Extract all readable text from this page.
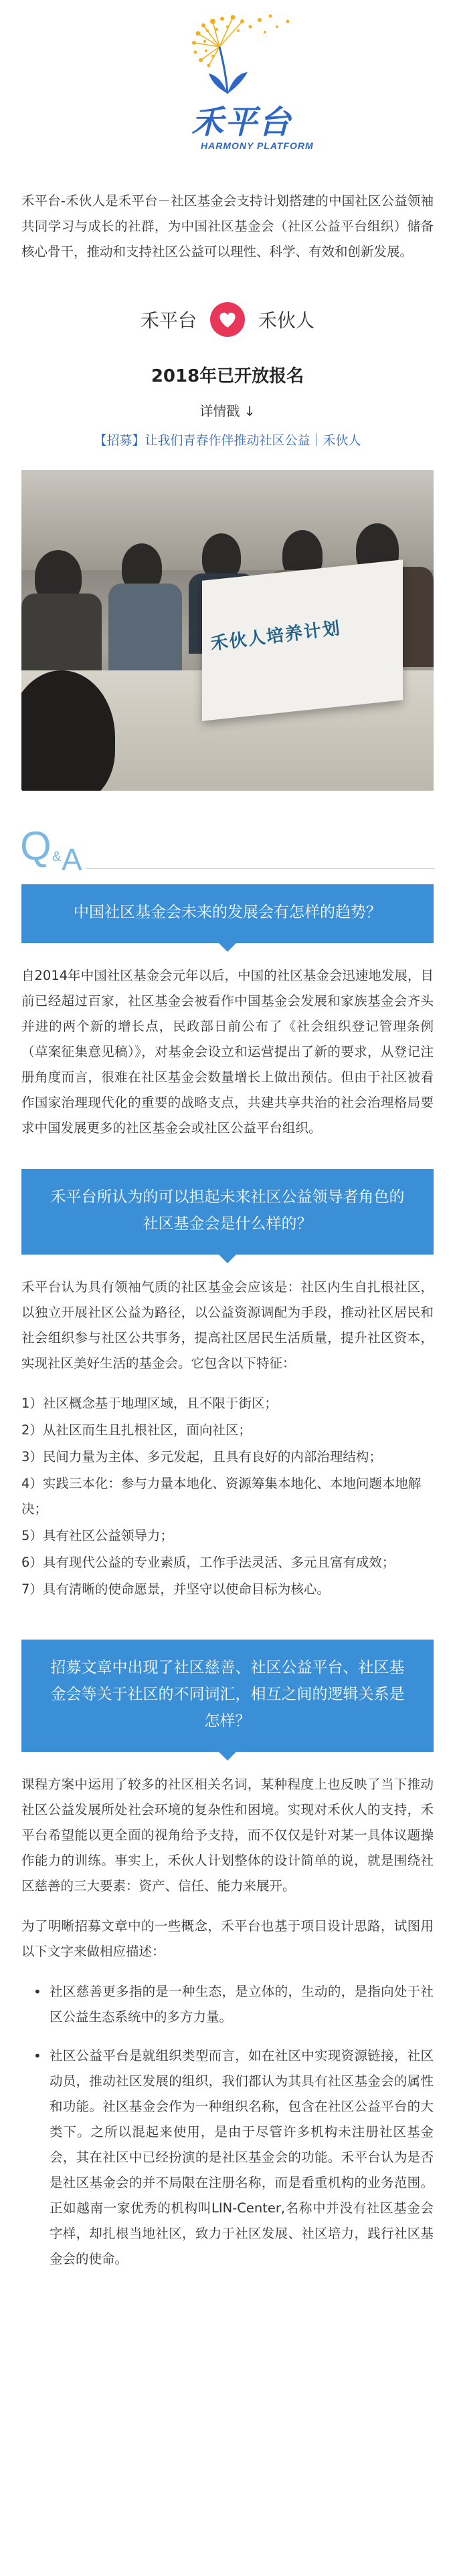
禾平台
HARMONY PLATFORM

禾平台-禾伙人是禾平台－社区基金会支持计划搭建的中国社区公益领袖共同学习与成长的社群，为中国社区基金会（社区公益平台组织）储备核心骨干，推动和支持社区公益可以理性、科学、有效和创新发展。

禾平台	禾伙人
2018年已开放报名
详情戳 ↓
【招募】让我们青春作伴推动社区公益｜禾伙人
禾伙人培养计划
Q & A
中国社区基金会未来的发展会有怎样的趋势？

自2014年中国社区基金会元年以后，中国的社区基金会迅速地发展，目前已经超过百家，社区基金会被看作中国基金会发展和家族基金会齐头并进的两个新的增长点，民政部日前公布了《社会组织登记管理条例（草案征集意见稿）》，对基金会设立和运营提出了新的要求，从登记注册角度而言，很难在社区基金会数量增长上做出预估。但由于社区被看作国家治理现代化的重要的战略支点，共建共享共治的社会治理格局要求中国发展更多的社区基金会或社区公益平台组织。

禾平台所认为的可以担起未来社区公益领导者角色的社区基金会是什么样的？

禾平台认为具有领袖气质的社区基金会应该是：社区内生自扎根社区，以独立开展社区公益为路径，以公益资源调配为手段，推动社区居民和社会组织参与社区公共事务，提高社区居民生活质量，提升社区资本，实现社区美好生活的基金会。它包含以下特征：

1）社区概念基于地理区域，且不限于街区；
2）从社区而生且扎根社区，面向社区；
3）民间力量为主体、多元发起，且具有良好的内部治理结构；
4）实践三本化：参与力量本地化、资源筹集本地化、本地问题本地解决；
5）具有社区公益领导力；
6）具有现代公益的专业素质，工作手法灵活、多元且富有成效；
7）具有清晰的使命愿景，并坚守以使命目标为核心。
招募文章中出现了社区慈善、社区公益平台、社区基金会等关于社区的不同词汇，相互之间的逻辑关系是怎样？

课程方案中运用了较多的社区相关名词，某种程度上也反映了当下推动社区公益发展所处社会环境的复杂性和困境。实现对禾伙人的支持，禾平台希望能以更全面的视角给予支持，而不仅仅是针对某一具体议题操作能力的训练。事实上，禾伙人计划整体的设计简单的说，就是围绕社区慈善的三大要素：资产、信任、能力来展开。

为了明晰招募文章中的一些概念，禾平台也基于项目设计思路，试图用以下文字来做相应描述：

• 社区慈善更多指的是一种生态，是立体的，生动的，是指向处于社区公益生态系统中的多方力量。
• 社区公益平台是就组织类型而言，如在社区中实现资源链接，社区动员，推动社区发展的组织，我们都认为其具有社区基金会的属性和功能。社区基金会作为一种组织名称，包含在社区公益平台的大类下。之所以混起来使用，是由于尽管许多机构未注册社区基金会，其在社区中已经扮演的是社区基金会的功能。禾平台认为是否是社区基金会的并不局限在注册名称，而是看重机构的业务范围。正如越南一家优秀的机构叫LIN-Center,名称中并没有社区基金会字样，却扎根当地社区，致力于社区发展、社区培力，践行社区基金会的使命。
